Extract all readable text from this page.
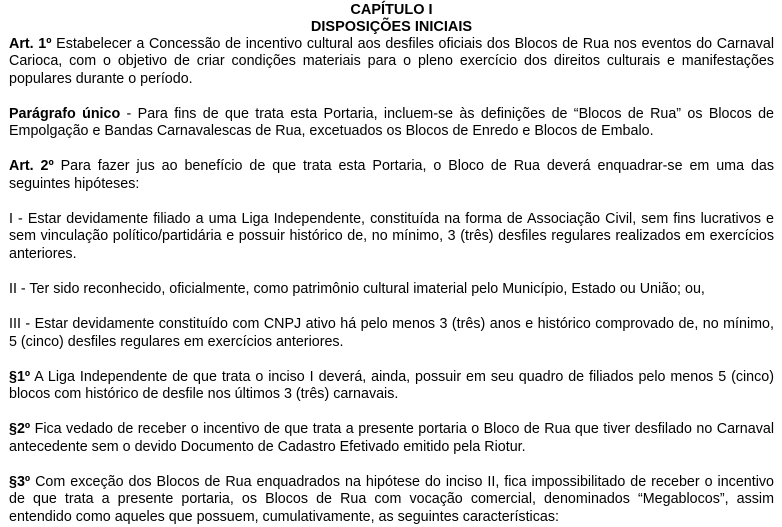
CAPÍTULO I

DISPOSIÇÕES INICIAIS

Art. 1º Estabelecer a Concessão de incentivo cultural aos desfiles oficiais dos Blocos de Rua nos eventos do Carnaval Carioca, com o objetivo de criar condições materiais para o pleno exercício dos direitos culturais e manifestações populares durante o período.

Parágrafo único - Para fins de que trata esta Portaria, incluem-se às definições de “Blocos de Rua” os Blocos de Empolgação e Bandas Carnavalescas de Rua, excetuados os Blocos de Enredo e Blocos de Embalo.

Art. 2º Para fazer jus ao benefício de que trata esta Portaria, o Bloco de Rua deverá enquadrar-se em uma das seguintes hipóteses:

I - Estar devidamente filiado a uma Liga Independente, constituída na forma de Associação Civil, sem fins lucrativos e sem vinculação político/partidária e possuir histórico de, no mínimo, 3 (três) desfiles regulares realizados em exercícios anteriores.

II - Ter sido reconhecido, oficialmente, como patrimônio cultural imaterial pelo Município, Estado ou União; ou,

III - Estar devidamente constituído com CNPJ ativo há pelo menos 3 (três) anos e histórico comprovado de, no mínimo, 5 (cinco) desfiles regulares em exercícios anteriores.

§1º A Liga Independente de que trata o inciso I deverá, ainda, possuir em seu quadro de filiados pelo menos 5 (cinco) blocos com histórico de desfile nos últimos 3 (três) carnavais.

§2º Fica vedado de receber o incentivo de que trata a presente portaria o Bloco de Rua que tiver desfilado no Carnaval antecedente sem o devido Documento de Cadastro Efetivado emitido pela Riotur.

§3º Com exceção dos Blocos de Rua enquadrados na hipótese do inciso II, fica impossibilitado de receber o incentivo de que trata a presente portaria, os Blocos de Rua com vocação comercial, denominados “Megablocos”, assim entendido como aqueles que possuem, cumulativamente, as seguintes características:
